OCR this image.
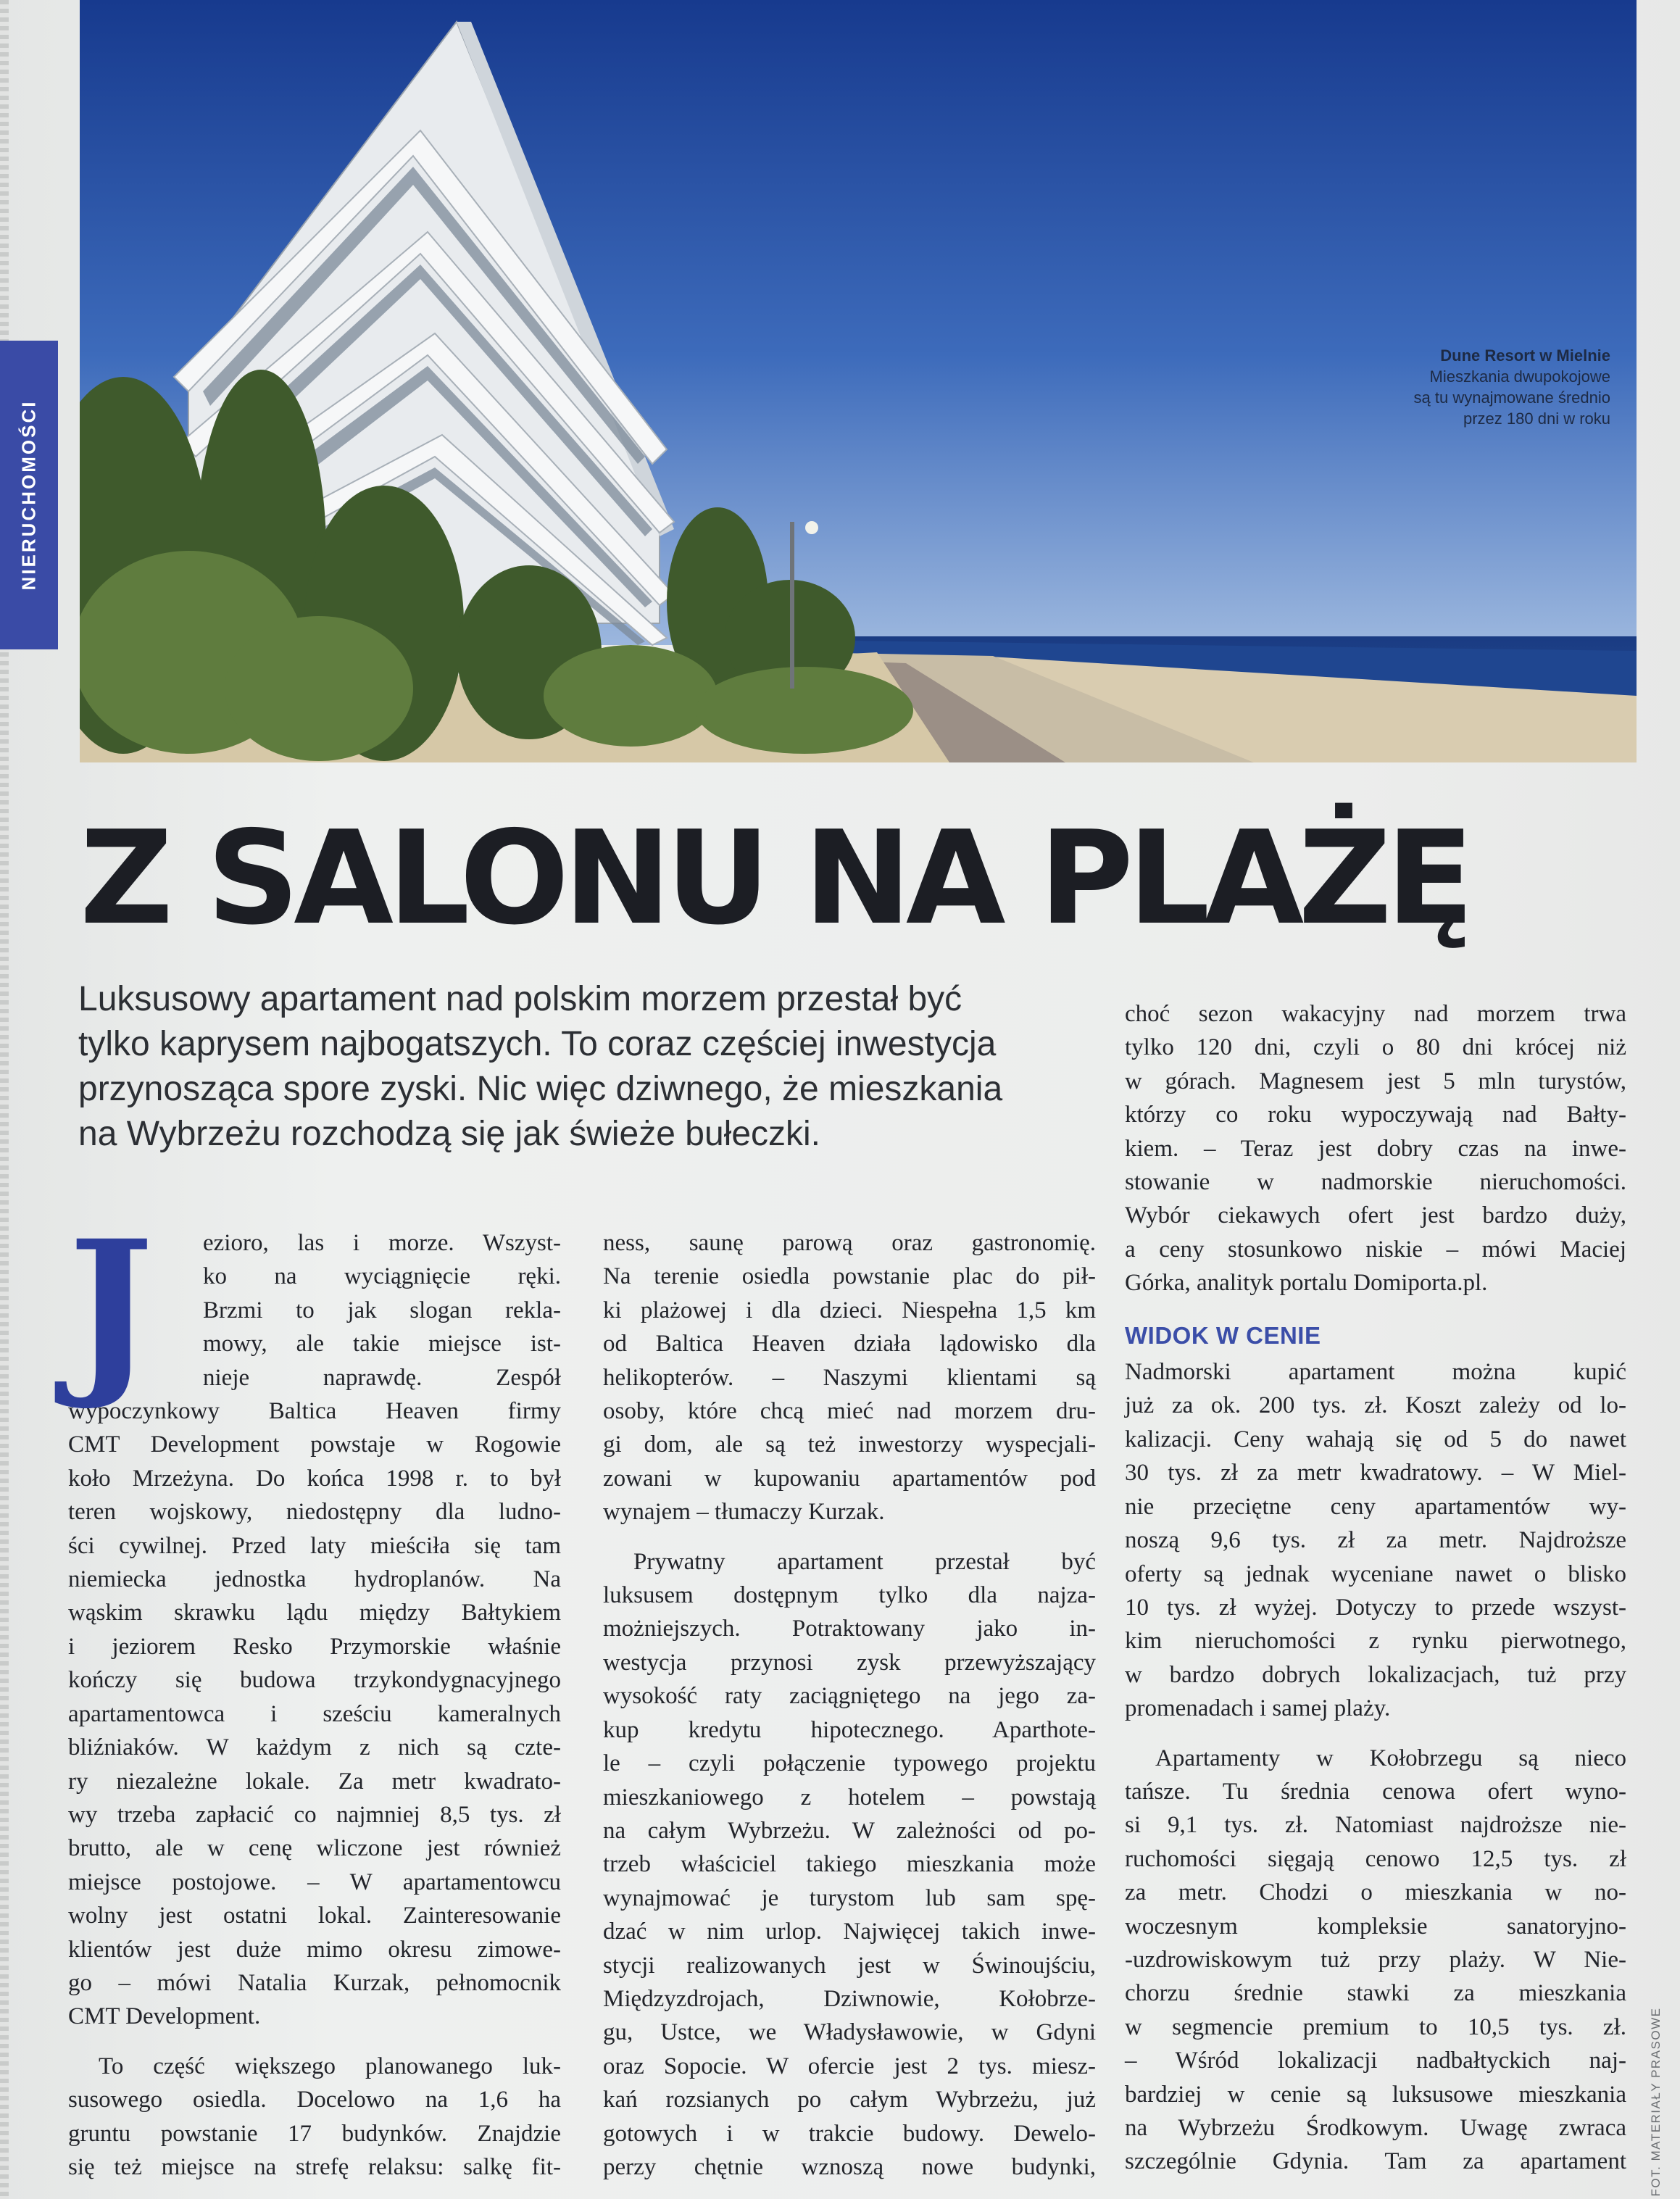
NIERUCHOMOŚCI
Dune Resort w Mielnie
Mieszkania dwupokojowe
są tu wynajmowane średnio
przez 180 dni w roku
Z SALONU NA PLAŻĘ

Luksusowy apartament nad polskim morzem przestał być
tylko kaprysem najbogatszych. To coraz częściej inwestycja
przynosząca spore zyski. Nic więc dziwnego, że mieszkania
na Wybrzeżu rozchodzą się jak świeże bułeczki.

J	ezioro, las i morze. Wszyst-
ko na wyciągnięcie ręki.
Brzmi to jak slogan rekla-
mowy, ale takie miejsce ist-
nieje naprawdę. Zespół
wypoczynkowy Baltica Heaven firmy
CMT Development powstaje w Rogowie
koło Mrzeżyna. Do końca 1998 r. to był
teren wojskowy, niedostępny dla ludno-
ści cywilnej. Przed laty mieściła się tam
niemiecka jednostka hydroplanów. Na
wąskim skrawku lądu między Bałtykiem
i jeziorem Resko Przymorskie właśnie
kończy się budowa trzykondygnacyjnego
apartamentowca i sześciu kameralnych
bliźniaków. W każdym z nich są czte-
ry niezależne lokale. Za metr kwadrato-
wy trzeba zapłacić co najmniej 8,5 tys. zł
brutto, ale w cenę wliczone jest również
miejsce postojowe. – W apartamentowcu
wolny jest ostatni lokal. Zainteresowanie
klientów jest duże mimo okresu zimowe-
go – mówi Natalia Kurzak, pełnomocnik
CMT Development.

To część większego planowanego luk-
susowego osiedla. Docelowo na 1,6 ha
gruntu powstanie 17 budynków. Znajdzie
się też miejsce na strefę relaksu: salkę fit-

ness, saunę parową oraz gastronomię.
Na terenie osiedla powstanie plac do pił-
ki plażowej i dla dzieci. Niespełna 1,5 km
od Baltica Heaven działa lądowisko dla
helikopterów. – Naszymi klientami są
osoby, które chcą mieć nad morzem dru-
gi dom, ale są też inwestorzy wyspecjali-
zowani w kupowaniu apartamentów pod
wynajem – tłumaczy Kurzak.

Prywatny apartament przestał być
luksusem dostępnym tylko dla najza-
możniejszych. Potraktowany jako in-
westycja przynosi zysk przewyższający
wysokość raty zaciągniętego na jego za-
kup kredytu hipotecznego. Aparthote-
le – czyli połączenie typowego projektu
mieszkaniowego z hotelem – powstają
na całym Wybrzeżu. W zależności od po-
trzeb właściciel takiego mieszkania może
wynajmować je turystom lub sam spę-
dzać w nim urlop. Najwięcej takich inwe-
stycji realizowanych jest w Świnoujściu,
Międzyzdrojach, Dziwnowie, Kołobrze-
gu, Ustce, we Władysławowie, w Gdyni
oraz Sopocie. W ofercie jest 2 tys. miesz-
kań rozsianych po całym Wybrzeżu, już
gotowych i w trakcie budowy. Dewelo-
perzy chętnie wznoszą nowe budynki,

choć sezon wakacyjny nad morzem trwa
tylko 120 dni, czyli o 80 dni krócej niż
w górach. Magnesem jest 5 mln turystów,
którzy co roku wypoczywają nad Bałty-
kiem. – Teraz jest dobry czas na inwe-
stowanie w nadmorskie nieruchomości.
Wybór ciekawych ofert jest bardzo duży,
a ceny stosunkowo niskie – mówi Maciej
Górka, analityk portalu Domiporta.pl.

WIDOK W CENIE

Nadmorski apartament można kupić
już za ok. 200 tys. zł. Koszt zależy od lo-
kalizacji. Ceny wahają się od 5 do nawet
30 tys. zł za metr kwadratowy. – W Miel-
nie przeciętne ceny apartamentów wy-
noszą 9,6 tys. zł za metr. Najdroższe
oferty są jednak wyceniane nawet o blisko
10 tys. zł wyżej. Dotyczy to przede wszyst-
kim nieruchomości z rynku pierwotnego,
w bardzo dobrych lokalizacjach, tuż przy
promenadach i samej plaży.

Apartamenty w Kołobrzegu są nieco
tańsze. Tu średnia cenowa ofert wyno-
si 9,1 tys. zł. Natomiast najdroższe nie-
ruchomości sięgają cenowo 12,5 tys. zł
za metr. Chodzi o mieszkania w no-
woczesnym kompleksie sanatoryjno-
-uzdrowiskowym tuż przy plaży. W Nie-
chorzu średnie stawki za mieszkania
w segmencie premium to 10,5 tys. zł.
– Wśród lokalizacji nadbałtyckich naj-
bardziej w cenie są luksusowe mieszkania
na Wybrzeżu Środkowym. Uwagę zwraca
szczególnie Gdynia. Tam za apartament FOT. MATERIAŁY PRASOWE
